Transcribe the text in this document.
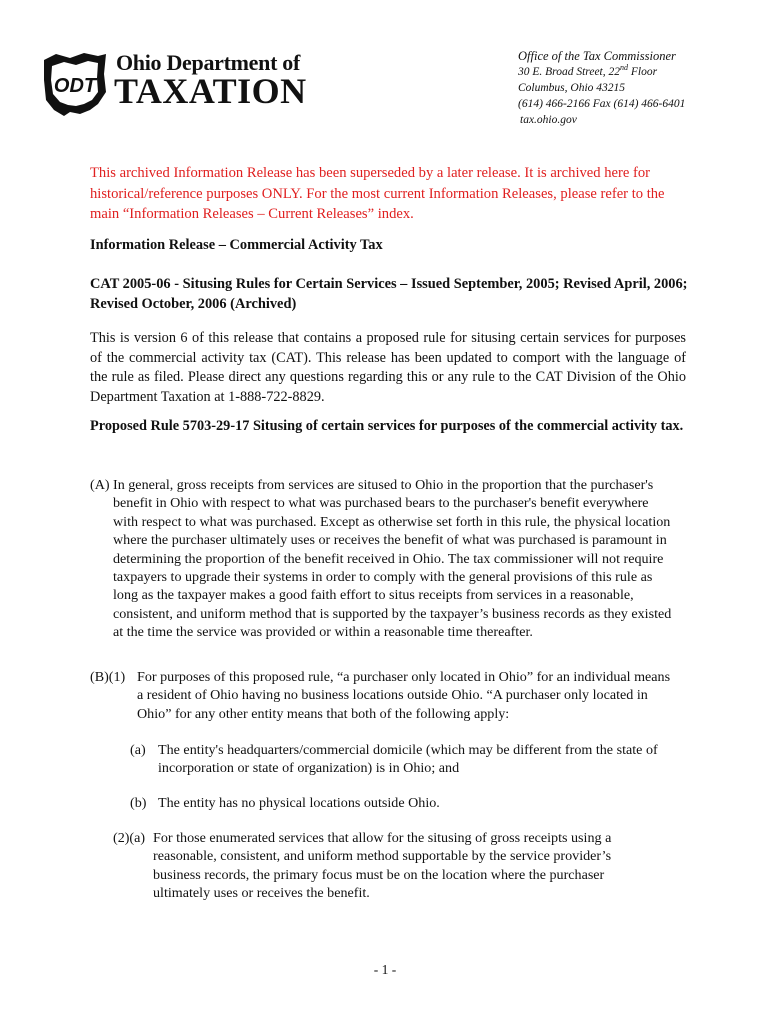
ODT
Ohio Department of
TAXATION
Office of the Tax Commissioner
30 E. Broad Street, 22nd Floor
Columbus, Ohio 43215
(614) 466-2166 Fax (614) 466-6401
tax.ohio.gov
This archived Information Release has been superseded by a later release. It is archived here for historical/reference purposes ONLY. For the most current Information Releases, please refer to the main “Information Releases – Current Releases” index.
Information Release – Commercial Activity Tax
CAT 2005-06 - Situsing Rules for Certain Services – Issued September, 2005; Revised April, 2006; Revised October, 2006 (Archived)
This is version 6 of this release that contains a proposed rule for situsing certain services for purposes of the commercial activity tax (CAT). This release has been updated to comport with the language of the rule as filed. Please direct any questions regarding this or any rule to the CAT Division of the Ohio Department Taxation at 1-888-722-8829.
Proposed Rule 5703-29-17 Situsing of certain services for purposes of the commercial activity tax.
(A) In general, gross receipts from services are sitused to Ohio in the proportion that the purchaser's benefit in Ohio with respect to what was purchased bears to the purchaser's benefit everywhere with respect to what was purchased. Except as otherwise set forth in this rule, the physical location where the purchaser ultimately uses or receives the benefit of what was purchased is paramount in determining the proportion of the benefit received in Ohio. The tax commissioner will not require taxpayers to upgrade their systems in order to comply with the general provisions of this rule as long as the taxpayer makes a good faith effort to situs receipts from services in a reasonable, consistent, and uniform method that is supported by the taxpayer’s business records as they existed at the time the service was provided or within a reasonable time thereafter.
(B)(1) For purposes of this proposed rule, “a purchaser only located in Ohio” for an individual means a resident of Ohio having no business locations outside Ohio. “A purchaser only located in Ohio” for any other entity means that both of the following apply:
(a) The entity's headquarters/commercial domicile (which may be different from the state of incorporation or state of organization) is in Ohio; and
(b) The entity has no physical locations outside Ohio.
(2)(a) For those enumerated services that allow for the situsing of gross receipts using a reasonable, consistent, and uniform method supportable by the service provider’s business records, the primary focus must be on the location where the purchaser ultimately uses or receives the benefit.
- 1 -
